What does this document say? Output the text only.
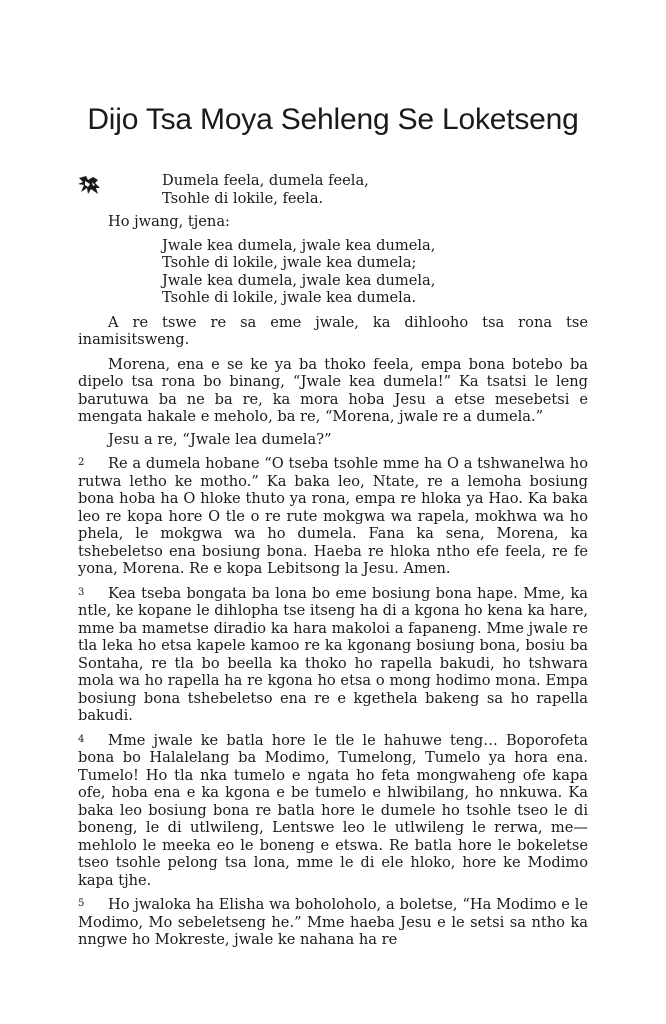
Dijo Tsa Moya Sehleng Se Loketseng
Dumela feela, dumela feela,
Tsohle di lokile, feela.

Ho jwang, tjena:

Jwale kea dumela, jwale kea dumela,
Tsohle di lokile, jwale kea dumela;
Jwale kea dumela, jwale kea dumela,
Tsohle di lokile, jwale kea dumela.

A re tswe re sa eme jwale, ka dihlooho tsa rona tse inamisitsweng.

Morena, ena e se ke ya ba thoko feela, empa bona botebo ba dipelo tsa rona bo binang, “Jwale kea dumela!” Ka tsatsi le leng barutuwa ba ne ba re, ka mora hoba Jesu a etse mesebetsi e mengata hakale e meholo, ba re, “Morena, jwale re a dumela.”

Jesu a re, “Jwale lea dumela?”

2 Re a dumela hobane “O tseba tsohle mme ha O a tshwanelwa ho rutwa letho ke motho.” Ka baka leo, Ntate, re a lemoha bosiung bona hoba ha O hloke thuto ya rona, empa re hloka ya Hao. Ka baka leo re kopa hore O tle o re rute mokgwa wa rapela, mokhwa wa ho phela, le mokgwa wa ho dumela. Fana ka sena, Morena, ka tshebeletso ena bosiung bona. Haeba re hloka ntho efe feela, re fe yona, Morena. Re e kopa Lebitsong la Jesu. Amen.

3 Kea tseba bongata ba lona bo eme bosiung bona hape. Mme, ka ntle, ke kopane le dihlopha tse itseng ha di a kgona ho kena ka hare, mme ba mametse diradio ka hara makoloi a fapaneng. Mme jwale re tla leka ho etsa kapele kamoo re ka kgonang bosiung bona, bosiu ba Sontaha, re tla bo beella ka thoko ho rapella bakudi, ho tshwara mola wa ho rapella ha re kgona ho etsa o mong hodimo mona. Empa bosiung bona tshebeletso ena re e kgethela bakeng sa ho rapella bakudi.

4 Mme jwale ke batla hore le tle le hahuwe teng… Boporofeta bona bo Halalelang ba Modimo, Tumelong, Tumelo ya hora ena. Tumelo! Ho tla nka tumelo e ngata ho feta mongwaheng ofe kapa ofe, hoba ena e ka kgona e be tumelo e hlwibilang, ho nnkuwa. Ka baka leo bosiung bona re batla hore le dumele ho tsohle tseo le di boneng, le di utlwileng, Lentswe leo le utlwileng le rerwa, me—mehlolo le meeka eo le boneng e etswa. Re batla hore le bokeletse tseo tsohle pelong tsa lona, mme le di ele hloko, hore ke Modimo kapa tjhe.

5 Ho jwaloka ha Elisha wa boholoholo, a boletse, “Ha Modimo e le Modimo, Mo sebeletseng he.” Mme haeba Jesu e le setsi sa ntho ka nngwe ho Mokreste, jwale ke nahana ha re
